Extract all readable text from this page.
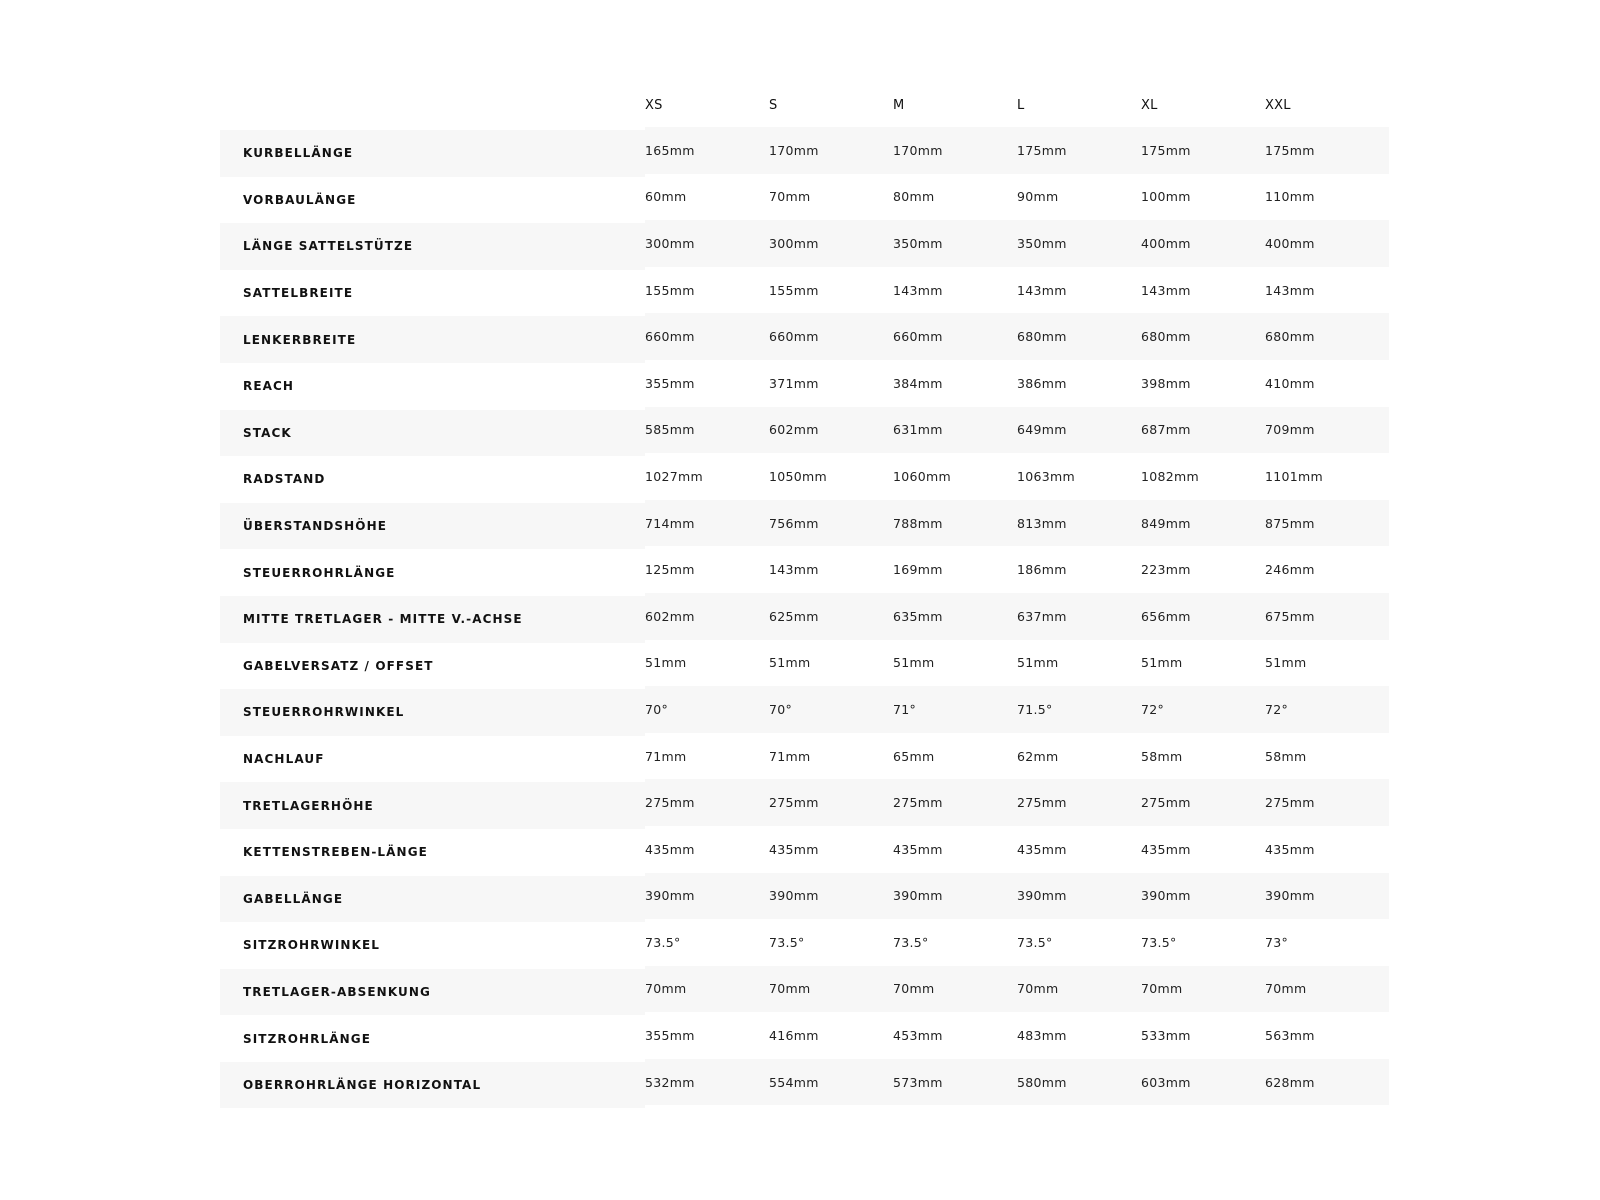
	XS	S	M	L	XL	XXL
KURBELLÄNGE	165mm	170mm	170mm	175mm	175mm	175mm
VORBAULÄNGE	60mm	70mm	80mm	90mm	100mm	110mm
LÄNGE SATTELSTÜTZE	300mm	300mm	350mm	350mm	400mm	400mm
SATTELBREITE	155mm	155mm	143mm	143mm	143mm	143mm
LENKERBREITE	660mm	660mm	660mm	680mm	680mm	680mm
REACH	355mm	371mm	384mm	386mm	398mm	410mm
STACK	585mm	602mm	631mm	649mm	687mm	709mm
RADSTAND	1027mm	1050mm	1060mm	1063mm	1082mm	1101mm
ÜBERSTANDSHÖHE	714mm	756mm	788mm	813mm	849mm	875mm
STEUERROHRLÄNGE	125mm	143mm	169mm	186mm	223mm	246mm
MITTE TRETLAGER - MITTE V.-ACHSE	602mm	625mm	635mm	637mm	656mm	675mm
GABELVERSATZ / OFFSET	51mm	51mm	51mm	51mm	51mm	51mm
STEUERROHRWINKEL	70°	70°	71°	71.5°	72°	72°
NACHLAUF	71mm	71mm	65mm	62mm	58mm	58mm
TRETLAGERHÖHE	275mm	275mm	275mm	275mm	275mm	275mm
KETTENSTREBEN-LÄNGE	435mm	435mm	435mm	435mm	435mm	435mm
GABELLÄNGE	390mm	390mm	390mm	390mm	390mm	390mm
SITZROHRWINKEL	73.5°	73.5°	73.5°	73.5°	73.5°	73°
TRETLAGER-ABSENKUNG	70mm	70mm	70mm	70mm	70mm	70mm
SITZROHRLÄNGE	355mm	416mm	453mm	483mm	533mm	563mm
OBERROHRLÄNGE HORIZONTAL	532mm	554mm	573mm	580mm	603mm	628mm
